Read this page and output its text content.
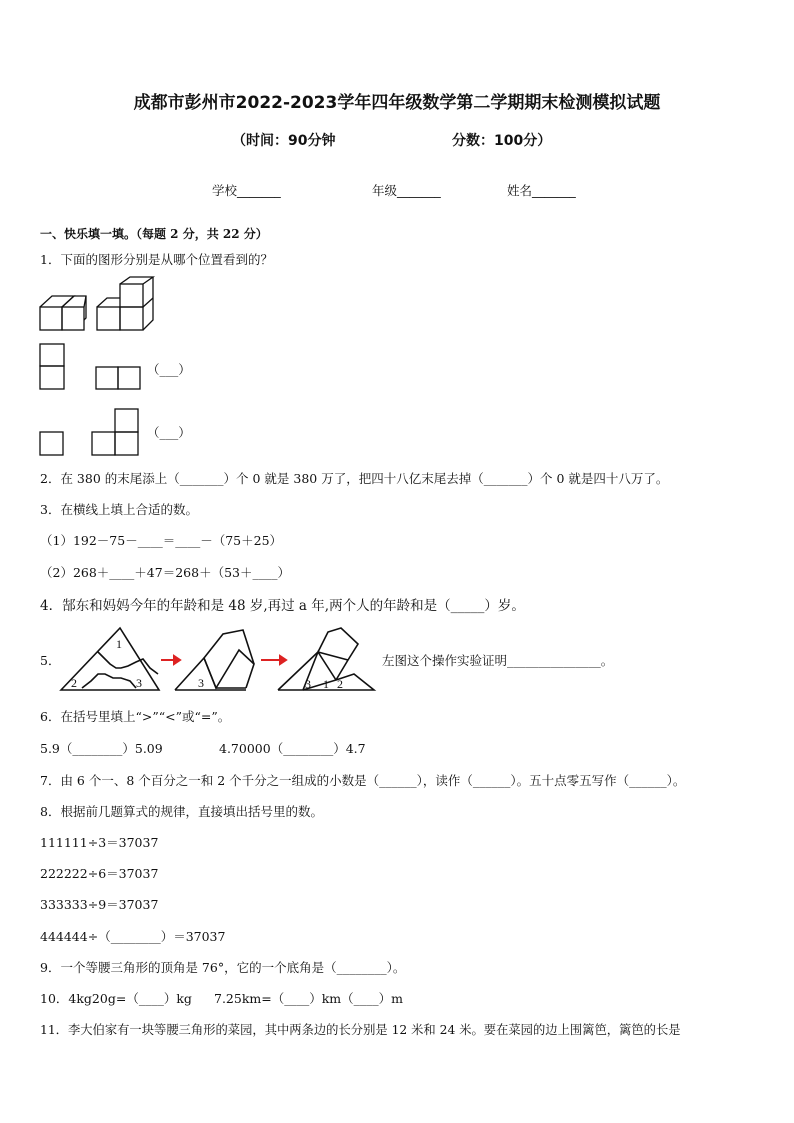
成都市彭州市2022-2023学年四年级数学第二学期期末检测模拟试题
（时间：90分钟	分数：100分）
学校_______	年级_______	姓名_______
一、快乐填一填。（每题 2 分，共 22 分）
1．下面的图形分别是从哪个位置看到的？
（___）
（___）
2．在 380 的末尾添上（_______）个 0 就是 380 万了，把四十八亿末尾去掉（_______）个 0 就是四十八万了。
3．在横线上填上合适的数。
（1）192－75－____＝____－（75＋25）
（2）268＋____＋47＝268＋（53＋____）
4．郜东和妈妈今年的年龄和是 48 岁,再过 a 年,两个人的年龄和是（_____）岁。
5．
1
2	3	3	3 1 2
左图这个操作实验证明_______________。
6．在括号里填上“>”“<”或“=”。
5.9（________）5.09	4.70000（________）4.7
7．由 6 个一、8 个百分之一和 2 个千分之一组成的小数是（______），读作（______）。五十点零五写作（______）。
8．根据前几题算式的规律，直接填出括号里的数。
111111÷3＝37037
222222÷6＝37037
333333÷9＝37037
444444÷（________）＝37037
9．一个等腰三角形的顶角是 76°，它的一个底角是（________）。
10．4kg20g=（____）kg 7.25km=（____）km（____）m
11．李大伯家有一块等腰三角形的菜园，其中两条边的长分别是 12 米和 24 米。要在菜园的边上围篱笆，篱笆的长是
